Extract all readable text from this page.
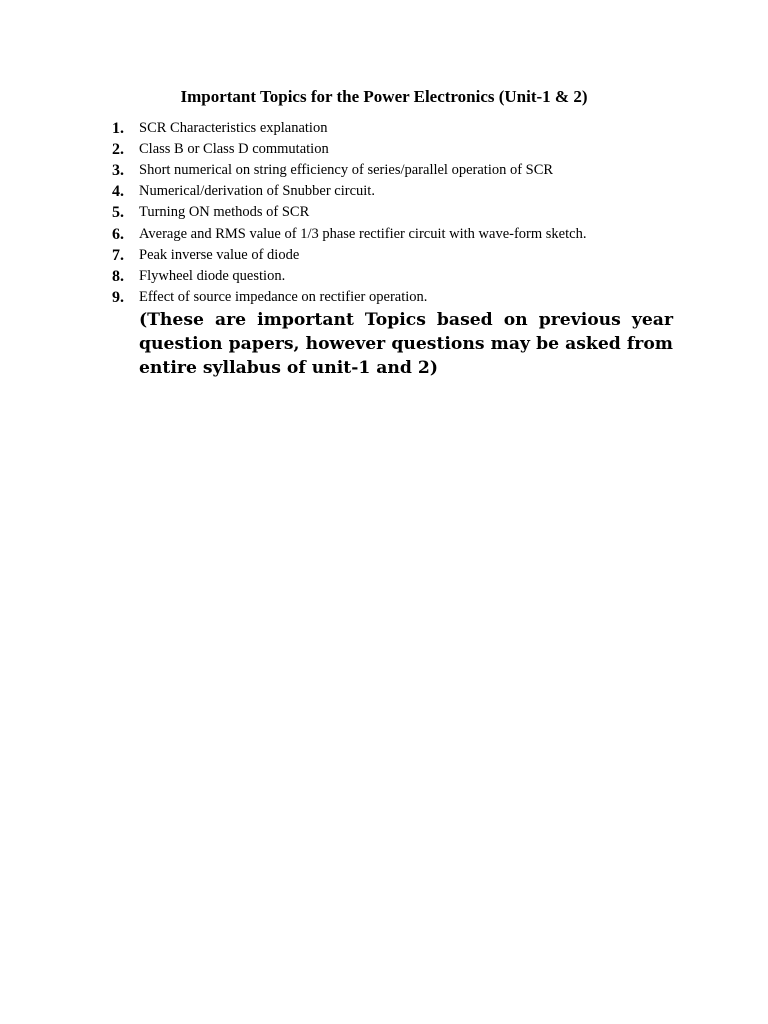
Important Topics for the Power Electronics (Unit-1 & 2)
1.	SCR Characteristics explanation
2.	Class B or Class D commutation
3.	Short numerical on string efficiency of series/parallel operation of SCR
4.	Numerical/derivation of Snubber circuit.
5.	Turning ON methods of SCR
6.	Average and RMS value of 1/3 phase rectifier circuit with wave-form sketch.
7.	Peak inverse value of diode
8.	Flywheel diode question.
9.	Effect of source impedance on rectifier operation.

(These are important Topics based on previous year question papers, however questions may be asked from entire syllabus of unit-1 and 2)
